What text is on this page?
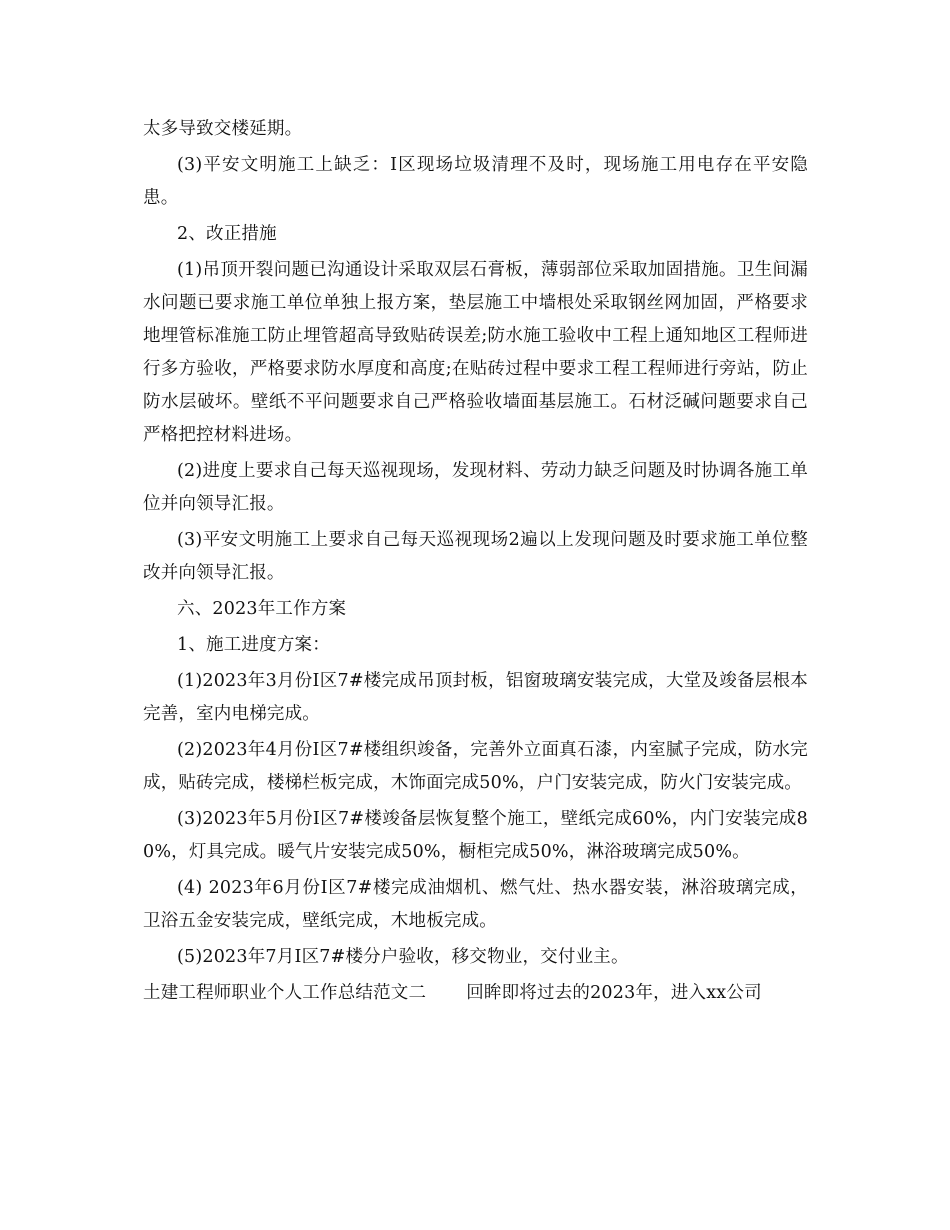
太多导致交楼延期。

(3)平安文明施工上缺乏：I区现场垃圾清理不及时，现场施工用电存在平安隐患。

2、改正措施

(1)吊顶开裂问题已沟通设计采取双层石膏板，薄弱部位采取加固措施。卫生间漏水问题已要求施工单位单独上报方案，垫层施工中墙根处采取钢丝网加固，严格要求地埋管标准施工防止埋管超高导致贴砖误差;防水施工验收中工程上通知地区工程师进行多方验收，严格要求防水厚度和高度;在贴砖过程中要求工程工程师进行旁站，防止防水层破坏。壁纸不平问题要求自己严格验收墙面基层施工。石材泛碱问题要求自己严格把控材料进场。

(2)进度上要求自己每天巡视现场，发现材料、劳动力缺乏问题及时协调各施工单位并向领导汇报。

(3)平安文明施工上要求自己每天巡视现场2遍以上发现问题及时要求施工单位整改并向领导汇报。

六、2023年工作方案

1、施工进度方案：

(1)2023年3月份I区7#楼完成吊顶封板，铝窗玻璃安装完成，大堂及竣备层根本完善，室内电梯完成。

(2)2023年4月份I区7#楼组织竣备，完善外立面真石漆，内室腻子完成，防水完成，贴砖完成，楼梯栏板完成，木饰面完成50%，户门安装完成，防火门安装完成。

(3)2023年5月份I区7#楼竣备层恢复整个施工，壁纸完成60%，内门安装完成80%，灯具完成。暖气片安装完成50%，橱柜完成50%，淋浴玻璃完成50%。

(4) 2023年6月份I区7#楼完成油烟机、燃气灶、热水器安装，淋浴玻璃完成，卫浴五金安装完成，壁纸完成，木地板完成。

(5)2023年7月I区7#楼分户验收，移交物业，交付业主。

土建工程师职业个人工作总结范文二 回眸即将过去的2023年，进入xx公司
